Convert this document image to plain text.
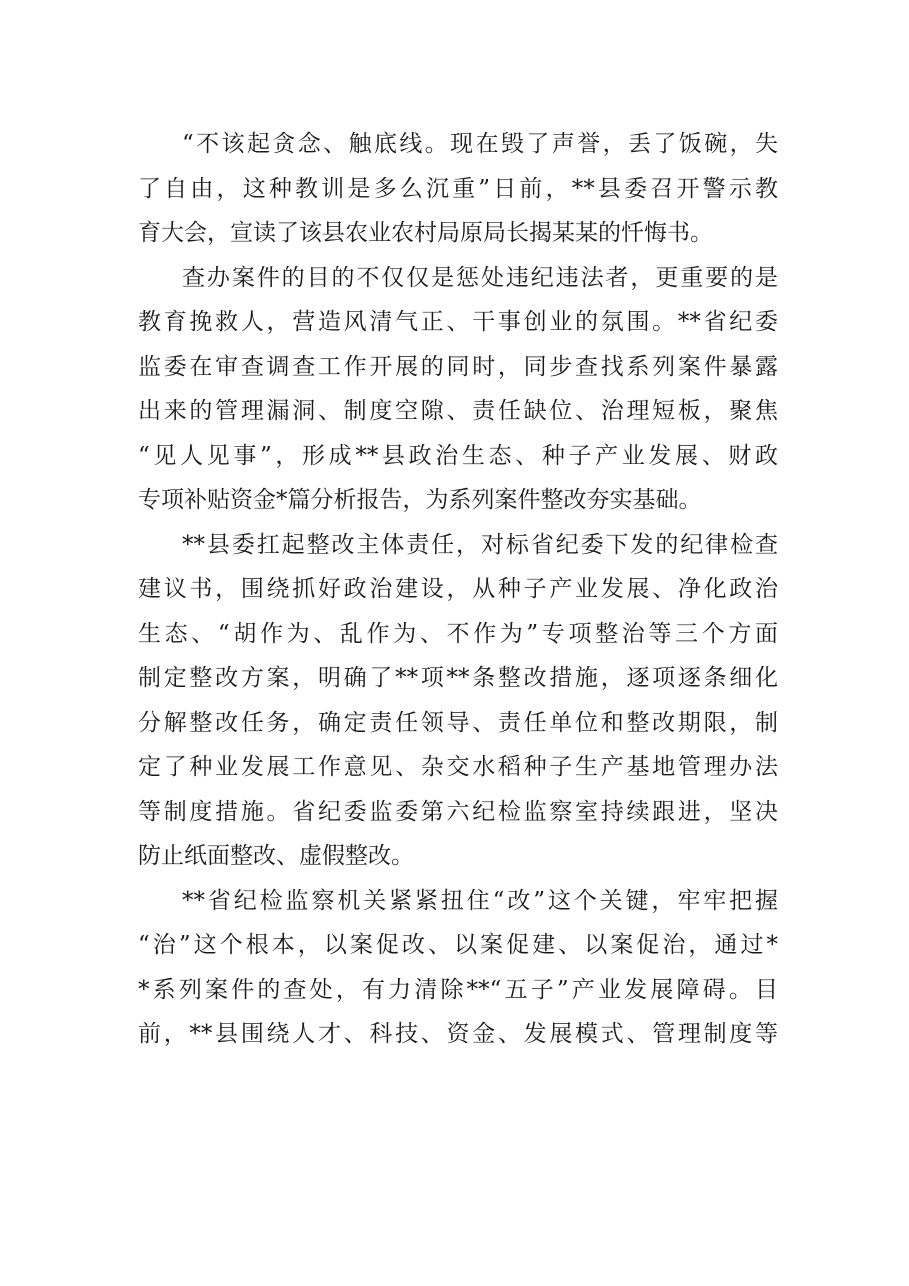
“不该起贪念、触底线。现在毁了声誉，丢了饭碗，失
了自由，这种教训是多么沉重”日前，**县委召开警示教
育大会，宣读了该县农业农村局原局长揭某某的忏悔书。
查办案件的目的不仅仅是惩处违纪违法者，更重要的是
教育挽救人，营造风清气正、干事创业的氛围。**省纪委
监委在审查调查工作开展的同时，同步查找系列案件暴露
出来的管理漏洞、制度空隙、责任缺位、治理短板，聚焦
“见人见事”，形成**县政治生态、种子产业发展、财政
专项补贴资金*篇分析报告，为系列案件整改夯实基础。
**县委扛起整改主体责任，对标省纪委下发的纪律检查
建议书，围绕抓好政治建设，从种子产业发展、净化政治
生态、“胡作为、乱作为、不作为”专项整治等三个方面
制定整改方案，明确了**项**条整改措施，逐项逐条细化
分解整改任务，确定责任领导、责任单位和整改期限，制
定了种业发展工作意见、杂交水稻种子生产基地管理办法
等制度措施。省纪委监委第六纪检监察室持续跟进，坚决
防止纸面整改、虚假整改。
**省纪检监察机关紧紧扭住“改”这个关键，牢牢把握
“治”这个根本，以案促改、以案促建、以案促治，通过*
*系列案件的查处，有力清除**“五子”产业发展障碍。目
前，**县围绕人才、科技、资金、发展模式、管理制度等
